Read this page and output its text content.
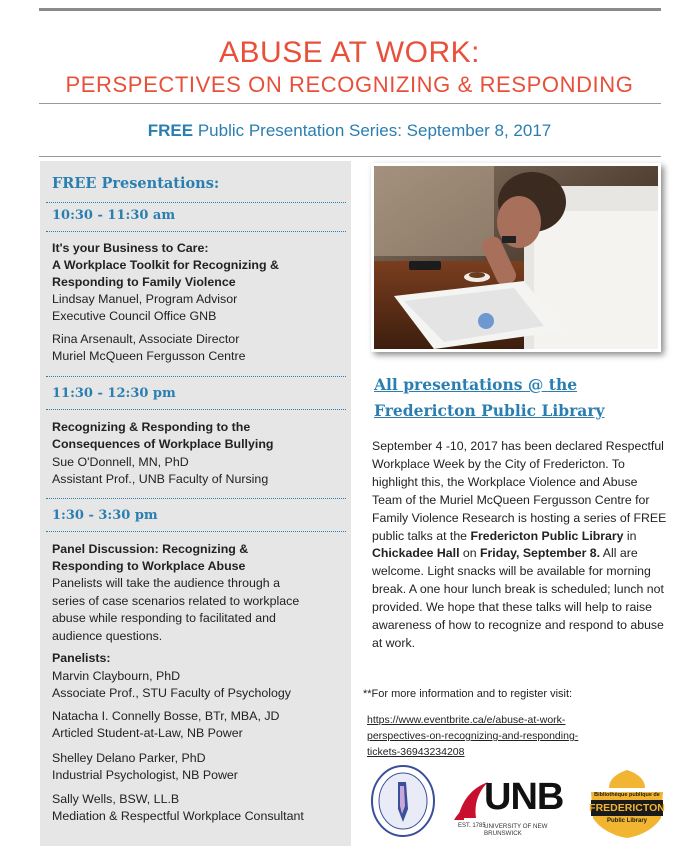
ABUSE AT WORK:
PERSPECTIVES ON RECOGNIZING & RESPONDING
FREE Public Presentation Series: September 8, 2017
FREE Presentations:
10:30 - 11:30 am
It's your Business to Care:
A Workplace Toolkit for Recognizing &
Responding to Family Violence
Lindsay Manuel, Program Advisor
Executive Council Office GNB
Rina Arsenault, Associate Director
Muriel McQueen Fergusson Centre
11:30 - 12:30 pm
Recognizing & Responding to the
Consequences of Workplace Bullying
Sue O'Donnell, MN, PhD
Assistant Prof., UNB Faculty of Nursing
1:30 - 3:30 pm
Panel Discussion: Recognizing &
Responding to Workplace Abuse
Panelists will take the audience through a
series of case scenarios related to workplace
abuse while responding to facilitated and
audience questions.
Panelists:
Marvin Claybourn, PhD
Associate Prof., STU Faculty of Psychology
Natacha I. Connelly Bosse, BTr, MBA, JD
Articled Student-at-Law, NB Power
Shelley Delano Parker, PhD
Industrial Psychologist, NB Power
Sally Wells, BSW, LL.B
Mediation & Respectful Workplace Consultant
All presentations @ the
Fredericton Public Library
September 4 -10, 2017 has been declared Respectful Workplace Week by the City of Fredericton. To highlight this, the Workplace Violence and Abuse Team of the Muriel McQueen Fergusson Centre for Family Violence Research is hosting a series of FREE public talks at the Fredericton Public Library in Chickadee Hall on Friday, September 8. All are welcome. Light snacks will be available for morning break. A one hour lunch break is scheduled; lunch not provided. We hope that these talks will help to raise awareness of how to recognize and respond to abuse at work.
**For more information and to register visit:
https://www.eventbrite.ca/e/abuse-at-work-
perspectives-on-recognizing-and-responding-
tickets-36943234208
UNB
EST. 1785
UNIVERSITY OF NEW BRUNSWICK
Bibliothèque publique de
FREDERICTON
Public Library
